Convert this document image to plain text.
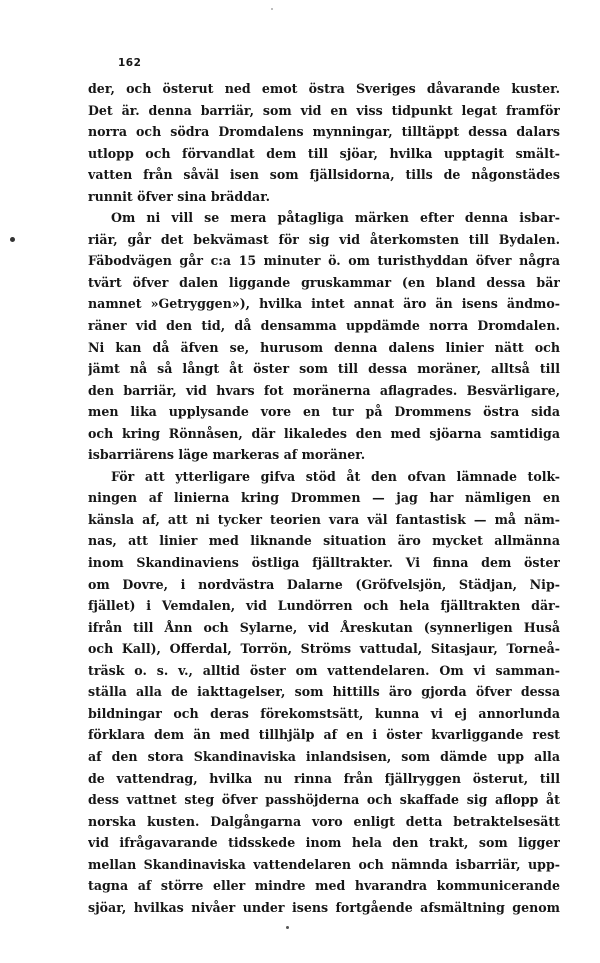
162
der, och österut ned emot östra Sveriges dåvarande kuster.
Det är. denna barriär, som vid en viss tidpunkt legat framför
norra och södra Dromdalens mynningar, tilltäppt dessa dalars
utlopp och förvandlat dem till sjöar, hvilka upptagit smält-
vatten från såväl isen som fjällsidorna, tills de någonstädes
runnit öfver sina bräddar.
Om ni vill se mera påtagliga märken efter denna isbar-
riär, går det bekvämast för sig vid återkomsten till Bydalen.
Fäbodvägen går c:a 15 minuter ö. om turisthyddan öfver några
tvärt öfver dalen liggande gruskammar (en bland dessa bär
namnet »Getryggen»), hvilka intet annat äro än isens ändmo-
räner vid den tid, då densamma uppdämde norra Dromdalen.
Ni kan då äfven se, hurusom denna dalens linier nätt och
jämt nå så långt åt öster som till dessa moräner, alltså till
den barriär, vid hvars fot moränerna aflagrades. Besvärligare,
men lika upplysande vore en tur på Drommens östra sida
och kring Rönnåsen, där likaledes den med sjöarna samtidiga
isbarriärens läge markeras af moräner.
För att ytterligare gifva stöd åt den ofvan lämnade tolk-
ningen af linierna kring Drommen — jag har nämligen en
känsla af, att ni tycker teorien vara väl fantastisk — må näm-
nas, att linier med liknande situation äro mycket allmänna
inom Skandinaviens östliga fjälltrakter. Vi finna dem öster
om Dovre, i nordvästra Dalarne (Gröfvelsjön, Städjan, Nip-
fjället) i Vemdalen, vid Lundörren och hela fjälltrakten där-
ifrån till Ånn och Sylarne, vid Åreskutan (synnerligen Huså
och Kall), Offerdal, Torrön, Ströms vattudal, Sitasjaur, Torneå-
träsk o. s. v., alltid öster om vattendelaren. Om vi samman-
ställa alla de iakttagelser, som hittills äro gjorda öfver dessa
bildningar och deras förekomstsätt, kunna vi ej annorlunda
förklara dem än med tillhjälp af en i öster kvarliggande rest
af den stora Skandinaviska inlandsisen, som dämde upp alla
de vattendrag, hvilka nu rinna från fjällryggen österut, till
dess vattnet steg öfver passhöjderna och skaffade sig aflopp åt
norska kusten. Dalgångarna voro enligt detta betraktelsesätt
vid ifrågavarande tidsskede inom hela den trakt, som ligger
mellan Skandinaviska vattendelaren och nämnda isbarriär, upp-
tagna af större eller mindre med hvarandra kommunicerande
sjöar, hvilkas nivåer under isens fortgående afsmältning genom
